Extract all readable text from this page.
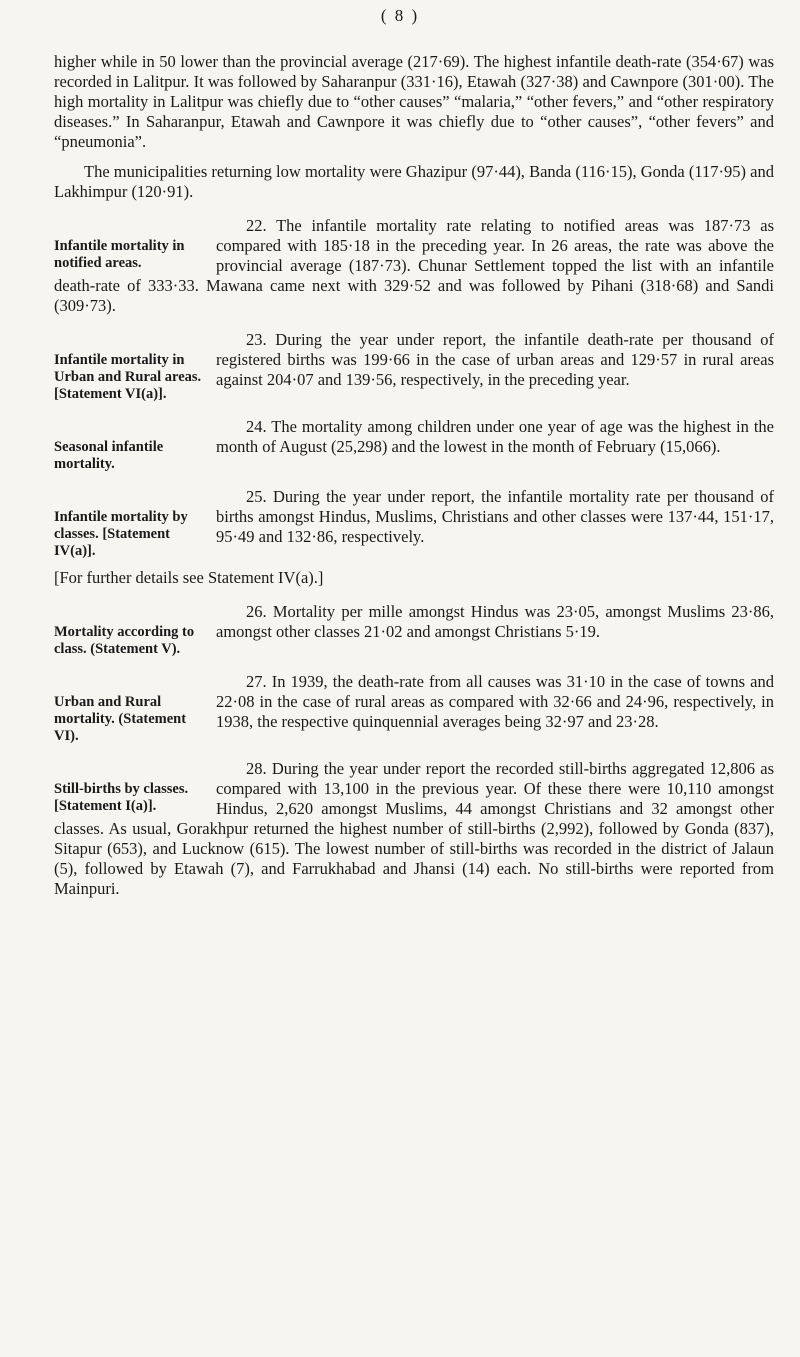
( 8 )

higher while in 50 lower than the provincial average (217·69). The highest infantile death-rate (354·67) was recorded in Lalitpur. It was followed by Saharanpur (331·16), Etawah (327·38) and Cawnpore (301·00). The high mortality in Lalitpur was chiefly due to “other causes” “malaria,” “other fevers,” and “other respiratory diseases.” In Saharanpur, Etawah and Cawnpore it was chiefly due to “other causes”, “other fevers” and “pneumonia”.

The municipalities returning low mortality were Ghazipur (97·44), Banda (116·15), Gonda (117·95) and Lakhimpur (120·91).

Infantile mortality in notified areas.

22. The infantile mortality rate relating to notified areas was 187·73 as compared with 185·18 in the preceding year. In 26 areas, the rate was above the provincial average (187·73). Chunar Settlement topped the list with an infantile death-rate of 333·33. Mawana came next with 329·52 and was followed by Pihani (318·68) and Sandi (309·73).

Infantile mortality in Urban and Rural areas. [Statement VI(a)].

23. During the year under report, the infantile death-rate per thousand of registered births was 199·66 in the case of urban areas and 129·57 in rural areas against 204·07 and 139·56, respectively, in the preceding year.

Seasonal infantile mortality.

24. The mortality among children under one year of age was the highest in the month of August (25,298) and the lowest in the month of February (15,066).

Infantile mortality by classes. [Statement IV(a)].

25. During the year under report, the infantile mortality rate per thousand of births amongst Hindus, Muslims, Christians and other classes were 137·44, 151·17, 95·49 and 132·86, respectively.

[For further details see Statement IV(a).]

Mortality according to class. (Statement V).

26. Mortality per mille amongst Hindus was 23·05, amongst Muslims 23·86, amongst other classes 21·02 and amongst Christians 5·19.

Urban and Rural mortality. (Statement VI).

27. In 1939, the death-rate from all causes was 31·10 in the case of towns and 22·08 in the case of rural areas as compared with 32·66 and 24·96, respectively, in 1938, the respective quinquennial averages being 32·97 and 23·28.

Still-births by classes. [Statement I(a)].

28. During the year under report the recorded still-births aggregated 12,806 as compared with 13,100 in the previous year. Of these there were 10,110 amongst Hindus, 2,620 amongst Muslims, 44 amongst Christians and 32 amongst other classes. As usual, Gorakhpur returned the highest number of still-births (2,992), followed by Gonda (837), Sitapur (653), and Lucknow (615). The lowest number of still-births was recorded in the district of Jalaun (5), followed by Etawah (7), and Farrukhabad and Jhansi (14) each. No still-births were reported from Mainpuri.
